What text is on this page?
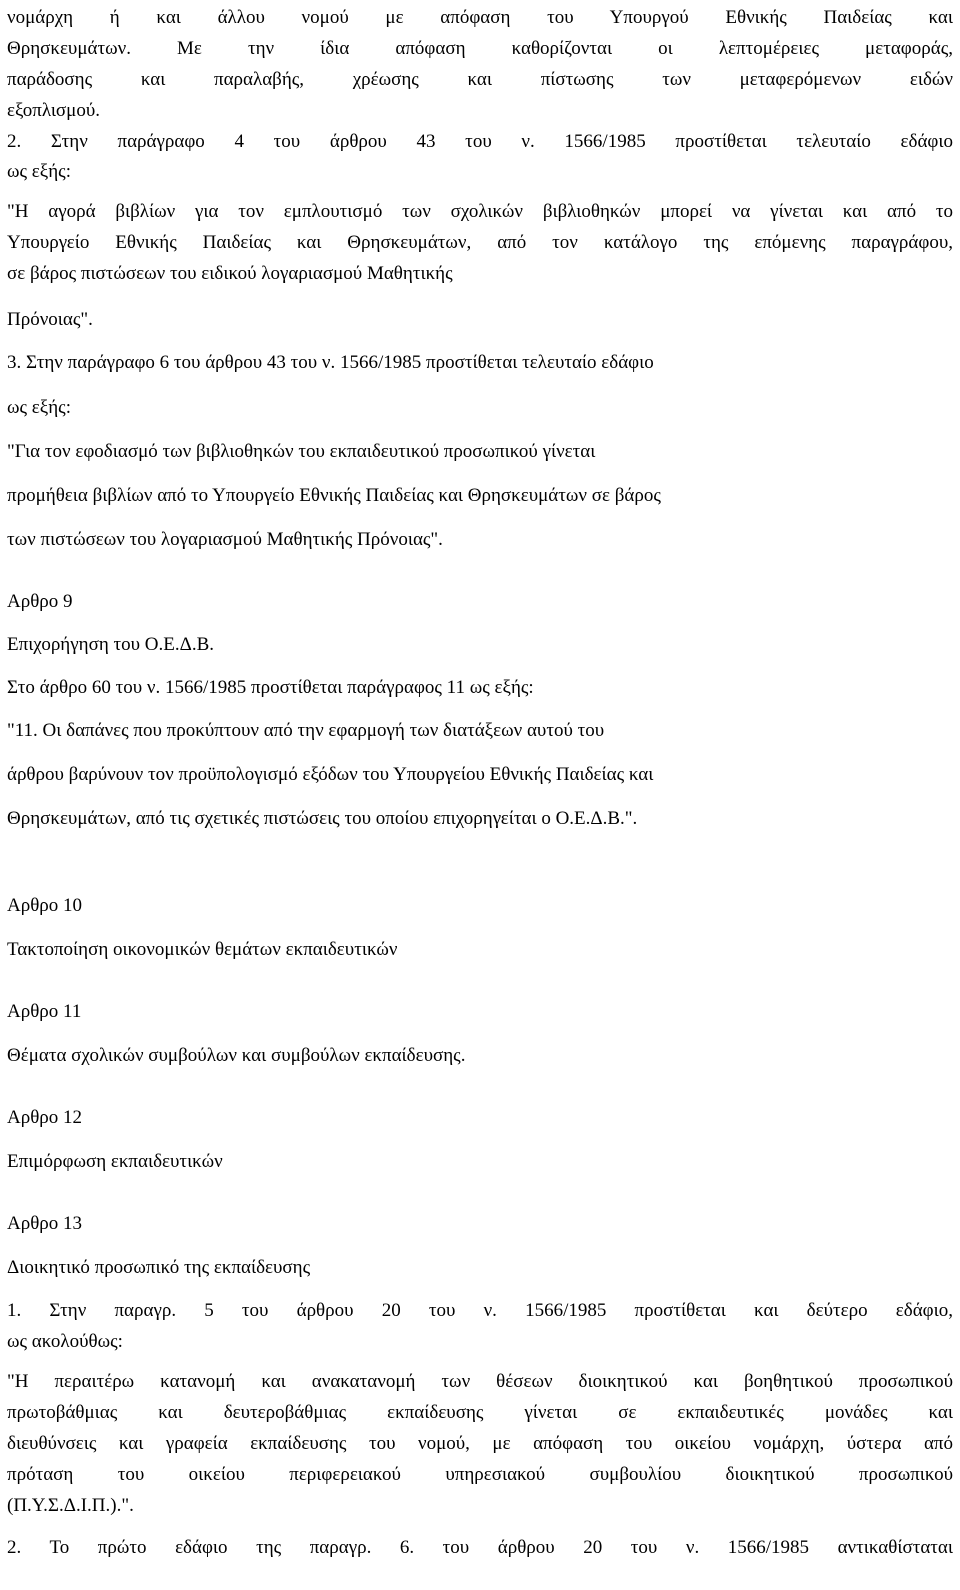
νομάρχη ή και άλλου νομού με απόφαση του Υπουργού Εθνικής Παιδείας και
Θρησκευμάτων. Με την ίδια απόφαση καθορίζονται οι λεπτομέρειες μεταφοράς,
παράδοσης και παραλαβής, χρέωσης και πίστωσης των μεταφερόμενων ειδών
εξοπλισμού.
2. Στην παράγραφο 4 του άρθρου 43 του ν. 1566/1985 προστίθεται τελευταίο εδάφιο
ως εξής:
"Η αγορά βιβλίων για τον εμπλουτισμό των σχολικών βιβλιοθηκών μπορεί να γίνεται και από το
Υπουργείο Εθνικής Παιδείας και Θρησκευμάτων, από τον κατάλογο της επόμενης παραγράφου,
σε βάρος πιστώσεων του ειδικού λογαριασμού Μαθητικής
Πρόνοιας".
3. Στην παράγραφο 6 του άρθρου 43 του ν. 1566/1985 προστίθεται τελευταίο εδάφιο
ως εξής:
"Για τον εφοδιασμό των βιβλιοθηκών του εκπαιδευτικού προσωπικού γίνεται
προμήθεια βιβλίων από το Υπουργείο Εθνικής Παιδείας και Θρησκευμάτων σε βάρος
των πιστώσεων του λογαριασμού Μαθητικής Πρόνοιας".
Αρθρο 9
Επιχορήγηση του Ο.Ε.Δ.Β.
Στο άρθρο 60 του ν. 1566/1985 προστίθεται παράγραφος 11 ως εξής:
"11. Οι δαπάνες που προκύπτουν από την εφαρμογή των διατάξεων αυτού του
άρθρου βαρύνουν τον προϋπολογισμό εξόδων του Υπουργείου Εθνικής Παιδείας και
Θρησκευμάτων, από τις σχετικές πιστώσεις του οποίου επιχορηγείται ο Ο.Ε.Δ.Β.".
Αρθρο 10
Τακτοποίηση οικονομικών θεμάτων εκπαιδευτικών
Αρθρο 11
Θέματα σχολικών συμβούλων και συμβούλων εκπαίδευσης.
Αρθρο 12
Επιμόρφωση εκπαιδευτικών
Αρθρο 13
Διοικητικό προσωπικό της εκπαίδευσης
1. Στην παραγρ. 5 του άρθρου 20 του ν. 1566/1985 προστίθεται και δεύτερο εδάφιο,
ως ακολούθως:
"Η περαιτέρω κατανομή και ανακατανομή των θέσεων διοικητικού και βοηθητικού προσωπικού
πρωτοβάθμιας και δευτεροβάθμιας εκπαίδευσης γίνεται σε εκπαιδευτικές μονάδες και
διευθύνσεις και γραφεία εκπαίδευσης του νομού, με απόφαση του οικείου νομάρχη, ύστερα από
πρόταση του οικείου περιφερειακού υπηρεσιακού συμβουλίου διοικητικού προσωπικού
(Π.Υ.Σ.Δ.Ι.Π.).".
2. Το πρώτο εδάφιο της παραγρ. 6. του άρθρου 20 του ν. 1566/1985 αντικαθίσταται
